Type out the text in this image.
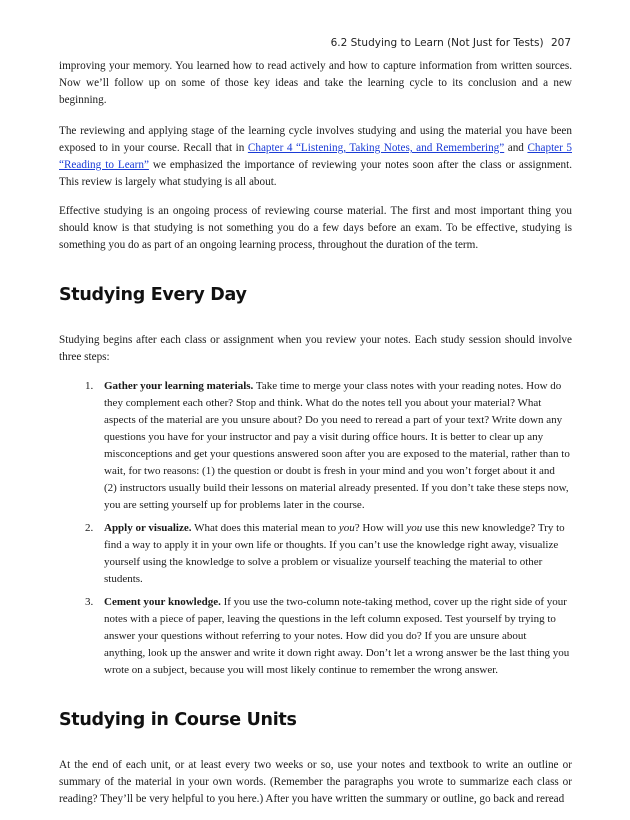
6.2 Studying to Learn (Not Just for Tests) 207

improving your memory. You learned how to read actively and how to capture information from written sources. Now we’ll follow up on some of those key ideas and take the learning cycle to its conclusion and a new beginning.

The reviewing and applying stage of the learning cycle involves studying and using the material you have been exposed to in your course. Recall that in Chapter 4 “Listening, Taking Notes, and Remembering” and Chapter 5 “Reading to Learn” we emphasized the importance of reviewing your notes soon after the class or assignment. This review is largely what studying is all about.

Effective studying is an ongoing process of reviewing course material. The first and most important thing you should know is that studying is not something you do a few days before an exam. To be effective, studying is something you do as part of an ongoing learning process, throughout the duration of the term.

Studying Every Day

Studying begins after each class or assignment when you review your notes. Each study session should involve three steps:

1. Gather your learning materials. Take time to merge your class notes with your reading notes. How do they complement each other? Stop and think. What do the notes tell you about your material? What aspects of the material are you unsure about? Do you need to reread a part of your text? Write down any questions you have for your instructor and pay a visit during office hours. It is better to clear up any misconceptions and get your questions answered soon after you are exposed to the material, rather than to wait, for two reasons: (1) the question or doubt is fresh in your mind and you won’t forget about it and (2) instructors usually build their lessons on material already presented. If you don’t take these steps now, you are setting yourself up for problems later in the course.
2. Apply or visualize. What does this material mean to you? How will you use this new knowledge? Try to find a way to apply it in your own life or thoughts. If you can’t use the knowledge right away, visualize yourself using the knowledge to solve a problem or visualize yourself teaching the material to other students.
3. Cement your knowledge. If you use the two-column note-taking method, cover up the right side of your notes with a piece of paper, leaving the questions in the left column exposed. Test yourself by trying to answer your questions without referring to your notes. How did you do? If you are unsure about anything, look up the answer and write it down right away. Don’t let a wrong answer be the last thing you wrote on a subject, because you will most likely continue to remember the wrong answer.
Studying in Course Units

At the end of each unit, or at least every two weeks or so, use your notes and textbook to write an outline or summary of the material in your own words. (Remember the paragraphs you wrote to summarize each class or reading? They’ll be very helpful to you here.) After you have written the summary or outline, go back and reread
